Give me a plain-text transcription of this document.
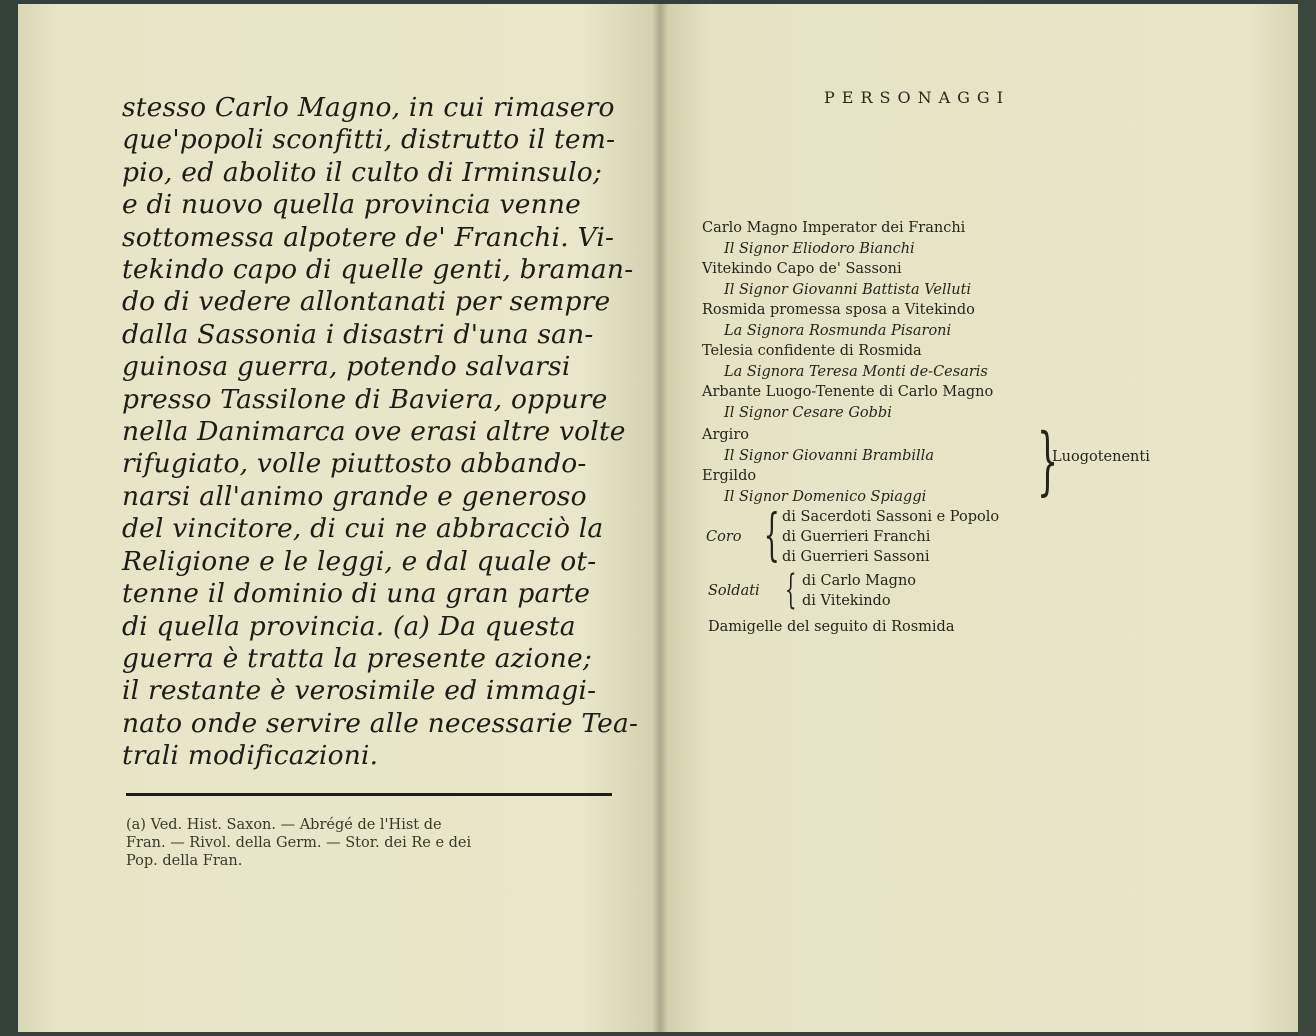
stesso Carlo Magno, in cui rimasero
que'popoli sconfitti, distrutto il tem-
pio, ed abolito il culto di Irminsulo;
e di nuovo quella provincia venne
sottomessa alpotere de' Franchi. Vi-
tekindo capo di quelle genti, braman-
do di vedere allontanati per sempre
dalla Sassonia i disastri d'una san-
guinosa guerra, potendo salvarsi
presso Tassilone di Baviera, oppure
nella Danimarca ove erasi altre volte
rifugiato, volle piuttosto abbando-
narsi all'animo grande e generoso
del vincitore, di cui ne abbracciò la
Religione e le leggi, e dal quale ot-
tenne il dominio di una gran parte
di quella provincia. (a) Da questa
guerra è tratta la presente azione;
il restante è verosimile ed immagi-
nato onde servire alle necessarie Tea-
trali modificazioni.
(a) Ved. Hist. Saxon. — Abrégé de l'Hist de
Fran. — Rivol. della Germ. — Stor. dei Re e dei
Pop. della Fran.
PERSONAGGI
Carlo Magno Imperator dei Franchi
Il Signor Eliodoro Bianchi
Vitekindo Capo de' Sassoni
Il Signor Giovanni Battista Velluti
Rosmida promessa sposa a Vitekindo
La Signora Rosmunda Pisaroni
Telesia confidente di Rosmida
La Signora Teresa Monti de-Cesaris
Arbante Luogo-Tenente di Carlo Magno
Il Signor Cesare Gobbi
Argiro
Il Signor Giovanni Brambilla
Ergildo
Il Signor Domenico Spiaggi	}
Luogotenenti
Coro { di Sacerdoti Sassoni e Popolo
di Guerrieri Franchi
di Guerrieri Sassoni
Soldati { di Carlo Magno
di Vitekindo
Damigelle del seguito di Rosmida
